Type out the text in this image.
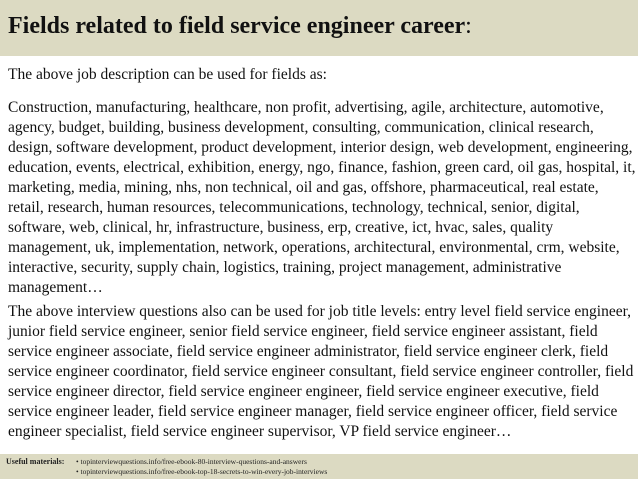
Fields related to field service engineer career:

The above job description can be used for fields as:

Construction, manufacturing, healthcare, non profit, advertising, agile, architecture, automotive, agency, budget, building, business development, consulting, communication, clinical research, design, software development, product development, interior design, web development, engineering, education, events, electrical, exhibition, energy, ngo, finance, fashion, green card, oil gas, hospital, it, marketing, media, mining, nhs, non technical, oil and gas, offshore, pharmaceutical, real estate, retail, research, human resources, telecommunications, technology, technical, senior, digital, software, web, clinical, hr, infrastructure, business, erp, creative, ict, hvac, sales, quality management, uk, implementation, network, operations, architectural, environmental, crm, website, interactive, security, supply chain, logistics, training, project management, administrative management…

The above interview questions also can be used for job title levels: entry level field service engineer, junior field service engineer, senior field service engineer, field service engineer assistant, field service engineer associate, field service engineer administrator, field service engineer clerk, field service engineer coordinator, field service engineer consultant, field service engineer controller, field service engineer director, field service engineer engineer, field service engineer executive, field service engineer leader, field service engineer manager, field service engineer officer, field service engineer specialist, field service engineer supervisor, VP field service engineer…

Useful materials: • topinterviewquestions.info/free-ebook-80-interview-questions-and-answers
• topinterviewquestions.info/free-ebook-top-18-secrets-to-win-every-job-interviews
